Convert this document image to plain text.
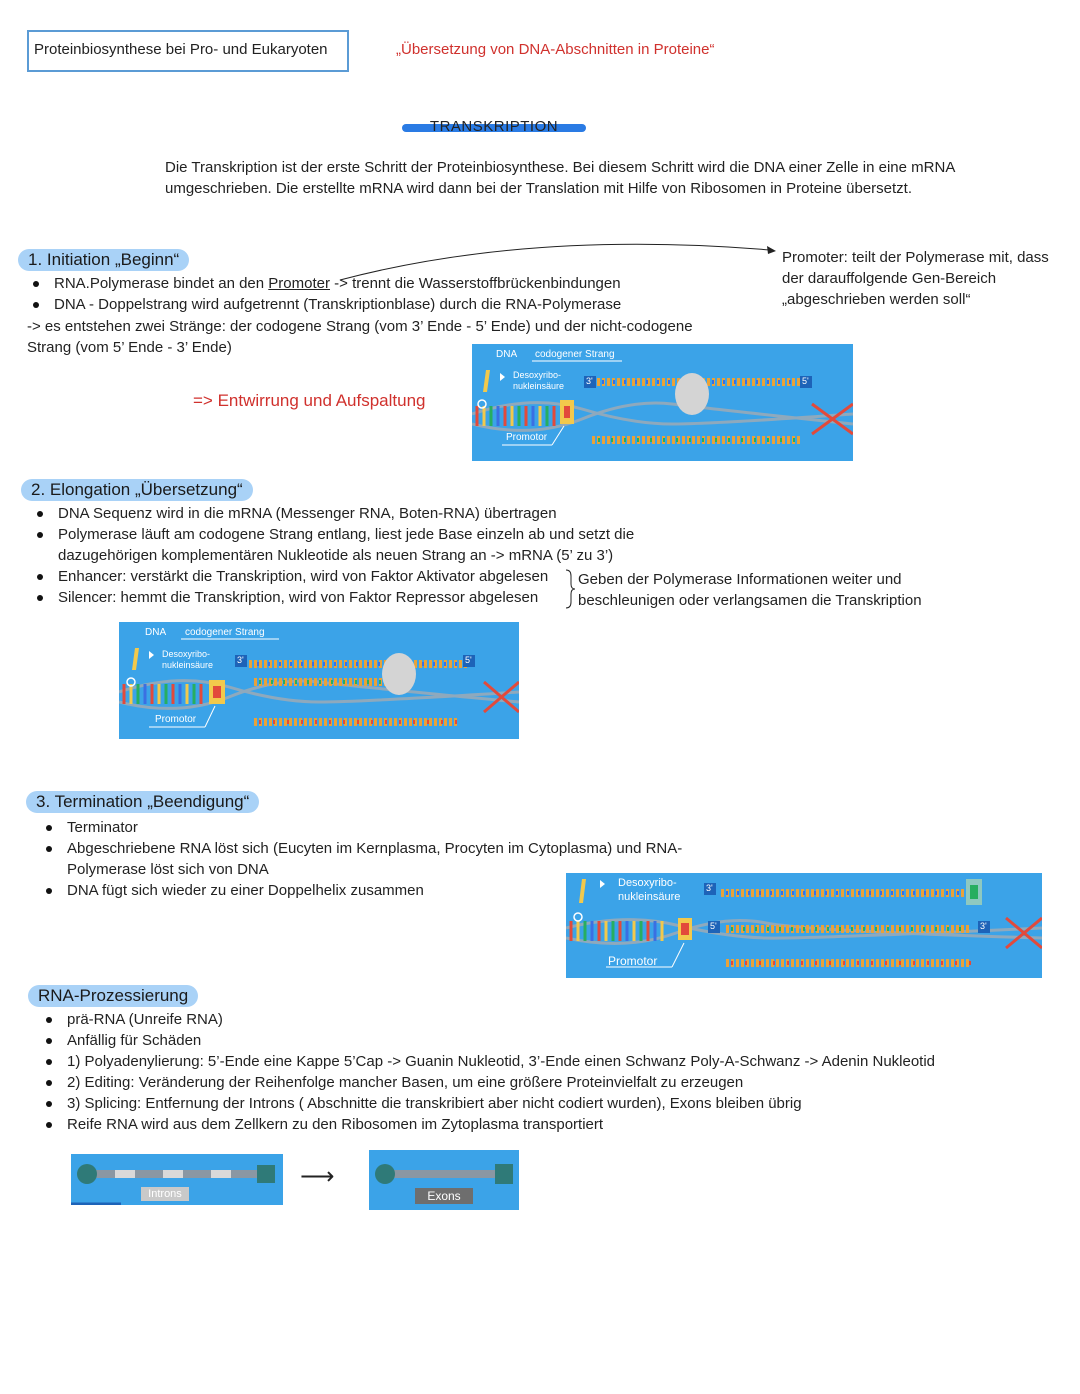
Proteinbiosynthese bei Pro- und Eukaryoten	„Übersetzung von DNA-Abschnitten in Proteine“
TRANSKRIPTION
Die Transkription ist der erste Schritt der Proteinbiosynthese. Bei diesem Schritt wird die DNA einer Zelle in eine mRNA umgeschrieben. Die erstellte mRNA wird dann bei der Translation mit Hilfe von Ribosomen in Proteine übersetzt.
1. Initiation „Beginn“
RNA.Polymerase bindet an den Promoter -> trennt die Wasserstoffbrückenbindungen
DNA - Doppelstrang wird aufgetrennt (Transkriptionblase) durch die RNA-Polymerase
-> es entstehen zwei Stränge: der codogene Strang (vom 3’ Ende - 5’ Ende) und der nicht-codogene
Strang (vom 5’ Ende - 3’ Ende)
=> Entwirrung und Aufspaltung
Promoter: teilt der Polymerase mit, dass der darauffolgende Gen-Bereich „abgeschrieben werden soll“
DNA codogener Strang
Desoxyribo-
nukleinsäure 3'	5'
Promotor
2. Elongation „Übersetzung“
DNA Sequenz wird in die mRNA (Messenger RNA, Boten-RNA) übertragen
Polymerase läuft am codogene Strang entlang, liest jede Base einzeln ab und setzt die dazugehörigen komplementären Nukleotide als neuen Strang an -> mRNA (5’ zu 3’)
Enhancer: verstärkt die Transkription, wird von Faktor Aktivator abgelesen
Silencer: hemmt die Transkription, wird von Faktor Repressor abgelesen
Geben der Polymerase Informationen weiter und beschleunigen oder verlangsamen die Transkription
DNA codogener Strang
Desoxyribo-
nukleinsäure	3'	5'
Promotor
3. Termination „Beendigung“
Terminator
Abgeschriebene RNA löst sich (Eucyten im Kernplasma, Procyten im Cytoplasma) und RNA-Polymerase löst sich von DNA
DNA fügt sich wieder zu einer Doppelhelix zusammen	Desoxyribo-
nukleinsäure
3'
5'	3'
Promotor
RNA-Prozessierung
prä-RNA (Unreife RNA)
Anfällig für Schäden
1) Polyadenylierung: 5’-Ende eine Kappe 5’Cap -> Guanin Nukleotid, 3’-Ende einen Schwanz Poly-A-Schwanz -> Adenin Nukleotid
2) Editing: Veränderung der Reihenfolge mancher Basen, um eine größere Proteinvielfalt zu erzeugen
3) Splicing: Entfernung der Introns ( Abschnitte die transkribiert aber nicht codiert wurden), Exons bleiben übrig
Reife RNA wird aus dem Zellkern zu den Ribosomen im Zytoplasma transportiert
Introns
⟶
Exons
